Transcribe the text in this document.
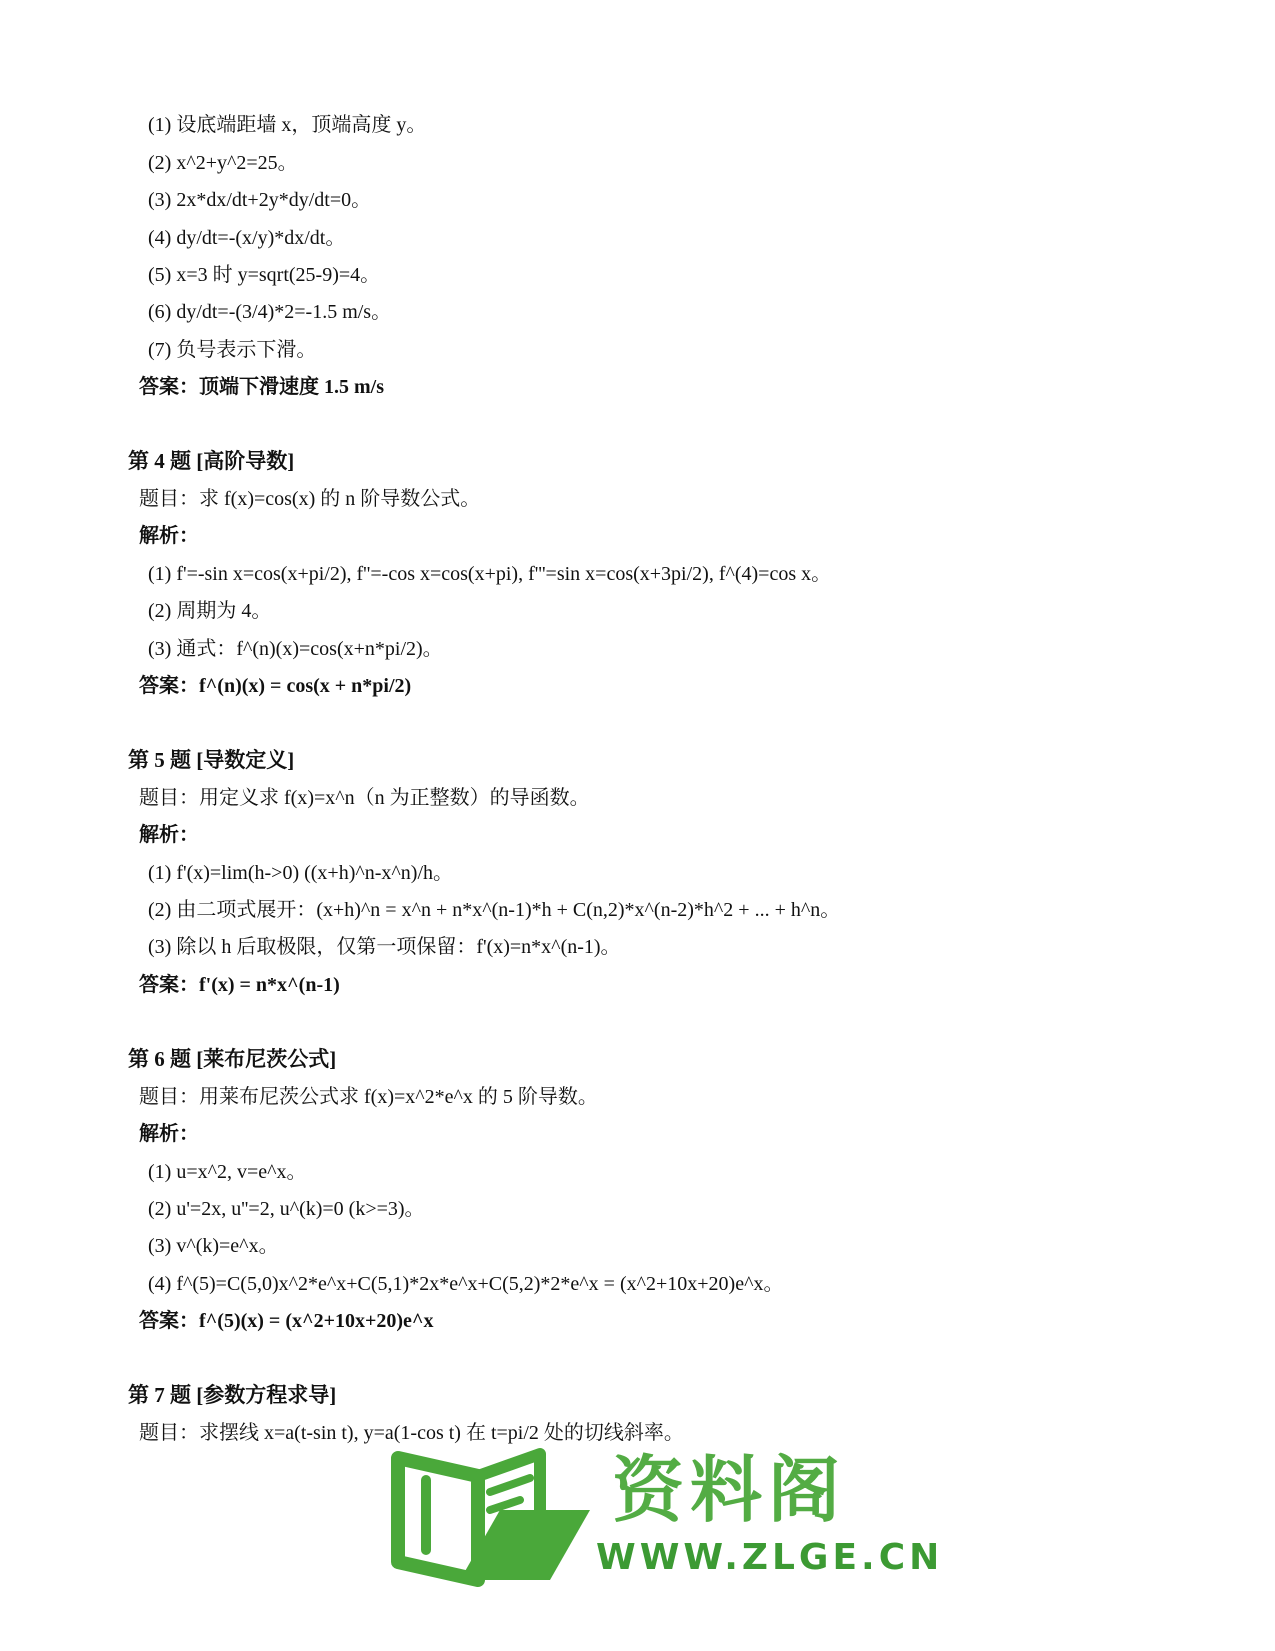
(1) 设底端距墙 x，顶端高度 y。
(2) x^2+y^2=25。
(3) 2x*dx/dt+2y*dy/dt=0。
(4) dy/dt=-(x/y)*dx/dt。
(5) x=3 时 y=sqrt(25-9)=4。
(6) dy/dt=-(3/4)*2=-1.5 m/s。
(7) 负号表示下滑。
答案：顶端下滑速度 1.5 m/s
第 4 题 [高阶导数]
题目：求 f(x)=cos(x) 的 n 阶导数公式。
解析：
(1) f'=-sin x=cos(x+pi/2), f''=-cos x=cos(x+pi), f'''=sin x=cos(x+3pi/2), f^(4)=cos x。
(2) 周期为 4。
(3) 通式：f^(n)(x)=cos(x+n*pi/2)。
答案：f^(n)(x) = cos(x + n*pi/2)
第 5 题 [导数定义]
题目：用定义求 f(x)=x^n（n 为正整数）的导函数。
解析：
(1) f'(x)=lim(h->0) ((x+h)^n-x^n)/h。
(2) 由二项式展开：(x+h)^n = x^n + n*x^(n-1)*h + C(n,2)*x^(n-2)*h^2 + ... + h^n。
(3) 除以 h 后取极限，仅第一项保留：f'(x)=n*x^(n-1)。
答案：f'(x) = n*x^(n-1)
第 6 题 [莱布尼茨公式]
题目：用莱布尼茨公式求 f(x)=x^2*e^x 的 5 阶导数。
解析：
(1) u=x^2, v=e^x。
(2) u'=2x, u''=2, u^(k)=0 (k>=3)。
(3) v^(k)=e^x。
(4) f^(5)=C(5,0)x^2*e^x+C(5,1)*2x*e^x+C(5,2)*2*e^x = (x^2+10x+20)e^x。
答案：f^(5)(x) = (x^2+10x+20)e^x
第 7 题 [参数方程求导]
题目：求摆线 x=a(t-sin t), y=a(1-cos t) 在 t=pi/2 处的切线斜率。
资料阁
WWW.ZLGE.CN
